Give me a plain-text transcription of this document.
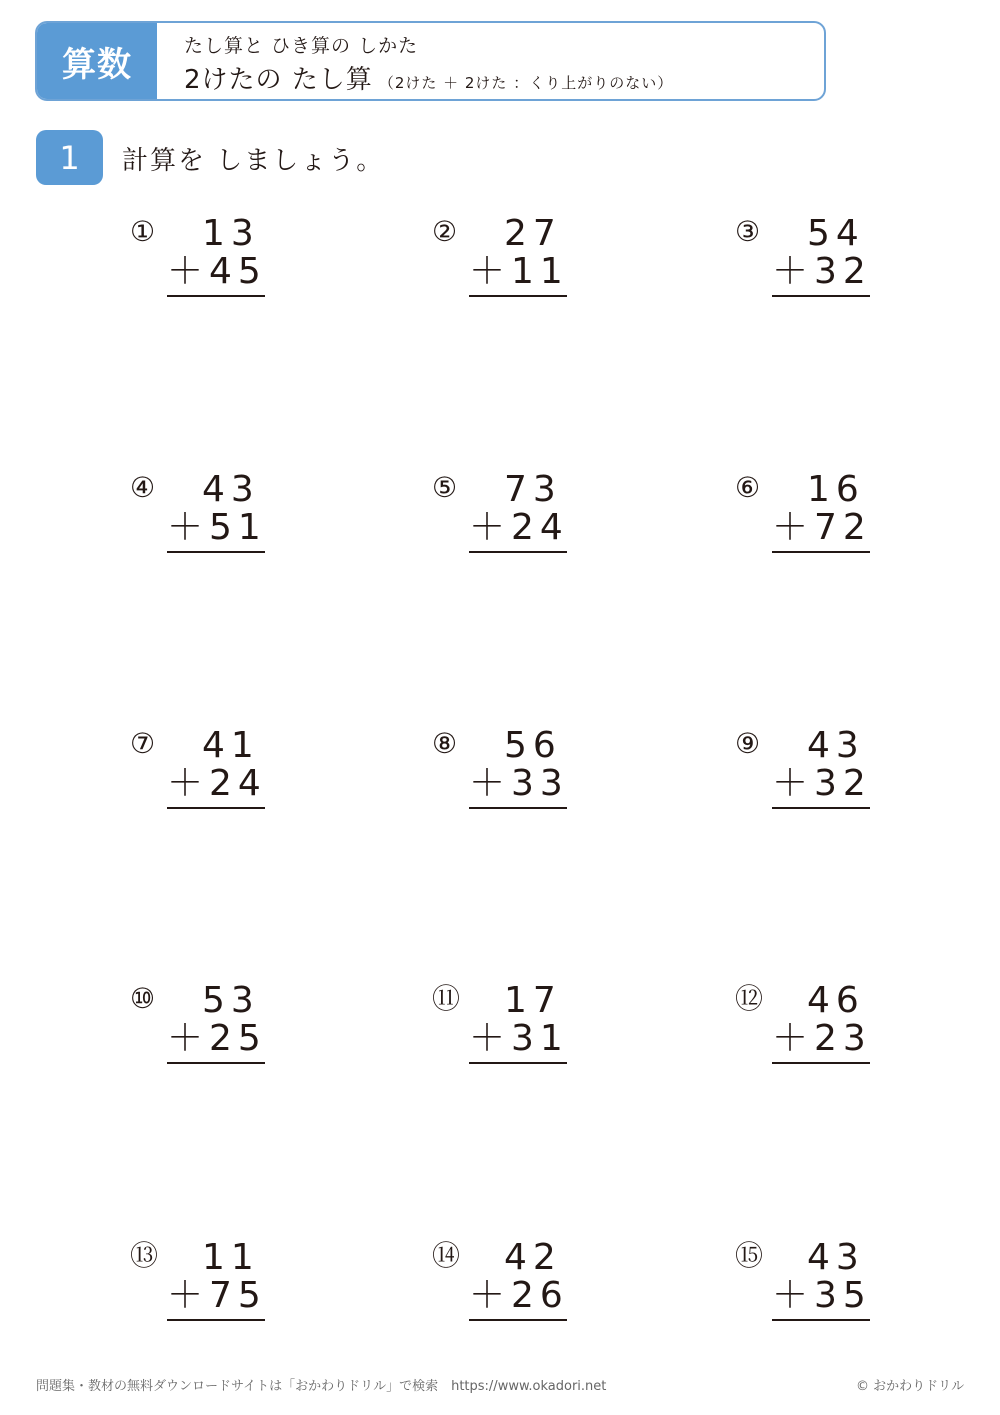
算数	たし算と ひき算の しかた
2けたの たし算 （2けた ＋ 2けた ：くり上がりのない）
1	計算を しましょう。
① 13
＋45
② 27
＋11
③ 54
＋32
④ 43
＋51
⑤ 73
＋24
⑥ 16
＋72
⑦ 41
＋24
⑧ 56
＋33
⑨ 43
＋32
⑩ 53
＋25
⑪ 17
＋31
⑫ 46
＋23
⑬ 11
＋75
⑭ 42
＋26
⑮ 43
＋35
問題集・教材の無料ダウンロードサイトは「おかわりドリル」で検索　https://www.okadori.net	© おかわりドリル
